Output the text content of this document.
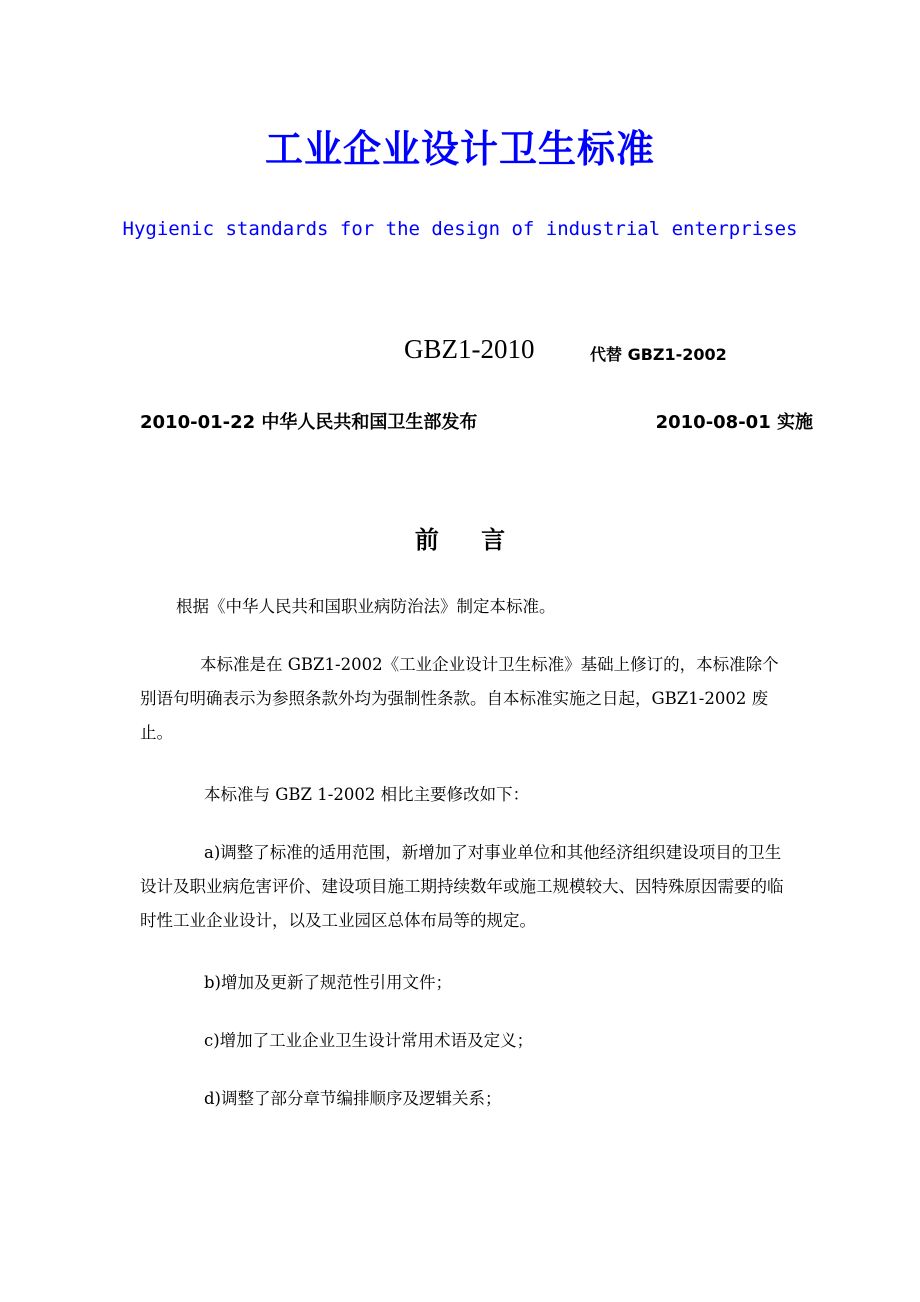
工业企业设计卫生标准
Hygienic standards for the design of industrial enterprises
GBZ1-2010	代替 GBZ1-2002
2010-01-22 中华人民共和国卫生部发布	2010-08-01 实施
前 言

根据《中华人民共和国职业病防治法》制定本标准。

本标准是在 GBZ1-2002《工业企业设计卫生标准》基础上修订的，本标准除个别语句明确表示为参照条款外均为强制性条款。自本标准实施之日起，GBZ1-2002 废止。

本标准与 GBZ 1-2002 相比主要修改如下：

a)调整了标准的适用范围，新增加了对事业单位和其他经济组织建设项目的卫生设计及职业病危害评价、建设项目施工期持续数年或施工规模较大、因特殊原因需要的临时性工业企业设计，以及工业园区总体布局等的规定。

b)增加及更新了规范性引用文件；

c)增加了工业企业卫生设计常用术语及定义；

d)调整了部分章节编排顺序及逻辑关系；
